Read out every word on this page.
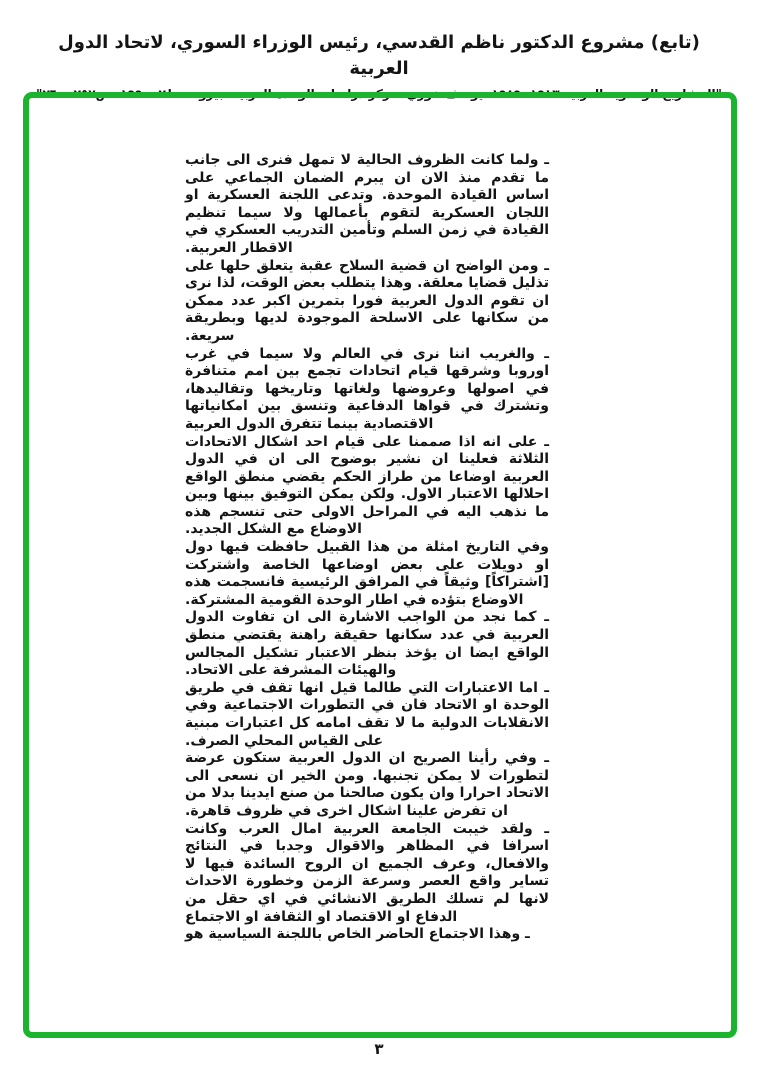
(تابع) مشروع الدكتور ناظم القدسي، رئيس الوزراء السوري، لاتحاد الدول العربية
"المشاريع الوحدوية العربية ١٩١٣- ١٩٨٩، يوسف خوري، مركز دراسات الوحدة العربية، بيروت، ط٢، ١٩٩٠، ص٢٥٧- ٢٦٠"

ـ ولما كانت الظروف الحالية لا تمهل فنرى الى جانب ما تقدم منذ الان ان يبرم الضمان الجماعي على اساس القيادة الموحدة. وتدعى اللجنة العسكرية او اللجان العسكرية لتقوم بأعمالها ولا سيما تنظيم القيادة في زمن السلم وتأمين التدريب العسكري في الاقطار العربية.

ـ ومن الواضح ان قضية السلاح عقبة يتعلق حلها على تذليل قضايا معلقة. وهذا يتطلب بعض الوقت، لذا نرى ان تقوم الدول العربية فورا بتمرين اكبر عدد ممكن من سكانها على الاسلحة الموجودة لديها وبطريقة سريعة.

ـ والغريب اننا نرى في العالم ولا سيما في غرب اوروبا وشرقها قيام اتحادات تجمع بين امم متنافرة في اصولها وعروضها ولغاتها وتاريخها وتقاليدها، وتشترك في قواها الدفاعية وتنسق بين امكانياتها الاقتصادية بينما تتفرق الدول العربية

ـ على انه اذا صممنا على قيام احد اشكال الاتحادات الثلاثة فعلينا ان نشير بوضوح الى ان في الدول العربية اوضاعا من طراز الحكم يقضي منطق الواقع احلالها الاعتبار الاول. ولكن يمكن التوفيق بينها وبين ما نذهب اليه في المراحل الاولى حتى تنسجم هذه الاوضاع مع الشكل الجديد.

وفي التاريخ امثلة من هذا القبيل حافظت فيها دول او دويلات على بعض اوضاعها الخاصة واشتركت [اشتراكاً] وثيقاً في المرافق الرئيسية فانسجمت هذه الاوضاع بتؤده في اطار الوحدة القومية المشتركة.

ـ كما نجد من الواجب الاشارة الى ان تفاوت الدول العربية في عدد سكانها حقيقة راهنة يقتضي منطق الواقع ايضا ان يؤخذ بنظر الاعتبار تشكيل المجالس والهيئات المشرفة على الاتحاد.

ـ اما الاعتبارات التي طالما قيل انها تقف في طريق الوحدة او الاتحاد فان في التطورات الاجتماعية وفي الانقلابات الدولية ما لا تقف امامه كل اعتبارات مبنية على القياس المحلي الصرف.

ـ وفي رأينا الصريح ان الدول العربية ستكون عرضة لتطورات لا يمكن تجنبها. ومن الخير ان نسعى الى الاتحاد احرارا وان يكون صالحنا من صنع ايدينا بدلا من ان تفرض علينا اشكال اخرى في ظروف قاهرة.

ـ ولقد خيبت الجامعة العربية امال العرب وكانت اسرافا في المظاهر والاقوال وجدبا في النتائج والافعال، وعرف الجميع ان الروح السائدة فيها لا تساير واقع العصر وسرعة الزمن وخطورة الاحداث لانها لم تسلك الطريق الانشائي في اي حقل من الدفاع او الاقتصاد او الثقافة او الاجتماع

ـ وهذا الاجتماع الحاضر الخاص باللجنة السياسية هو

٣
